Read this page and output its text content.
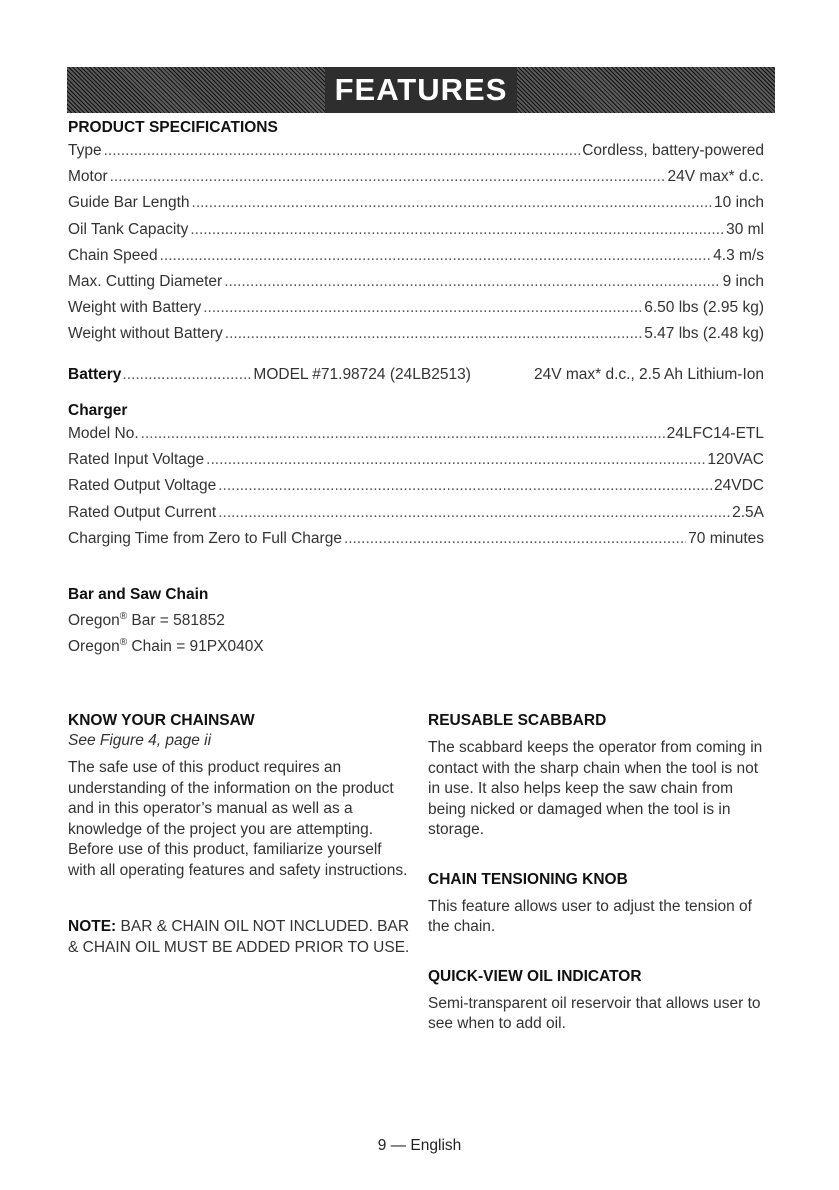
FEATURES
PRODUCT SPECIFICATIONS
Type .....	Cordless, battery-powered
Motor .....	24V max* d.c.
Guide Bar Length .....	10 inch
Oil Tank Capacity .....	30 ml
Chain Speed .....	4.3 m/s
Max. Cutting Diameter .....	9 inch
Weight with Battery .....	6.50 lbs (2.95 kg)
Weight without Battery .....	5.47 lbs (2.48 kg)
Battery .....	MODEL #71.98724 (24LB2513)	24V max* d.c., 2.5 Ah Lithium-Ion
Charger
Model No. .....	24LFC14-ETL
Rated Input Voltage .....	120VAC
Rated Output Voltage .....	24VDC
Rated Output Current .....	2.5A
Charging Time from Zero to Full Charge .....	70 minutes
Bar and Saw Chain
Oregon® Bar = 581852
Oregon® Chain = 91PX040X
KNOW YOUR CHAINSAW
See Figure 4, page ii

The safe use of this product requires an understanding of the information on the product and in this operator’s manual as well as a knowledge of the project you are attempting. Before use of this product, familiarize yourself with all operating features and safety instructions.

NOTE: BAR & CHAIN OIL NOT INCLUDED. BAR & CHAIN OIL MUST BE ADDED PRIOR TO USE.

REUSABLE SCABBARD

The scabbard keeps the operator from coming in contact with the sharp chain when the tool is not in use. It also helps keep the saw chain from being nicked or damaged when the tool is in storage.

CHAIN TENSIONING KNOB

This feature allows user to adjust the tension of the chain.

QUICK-VIEW OIL INDICATOR

Semi-transparent oil reservoir that allows user to see when to add oil.

9 — English
